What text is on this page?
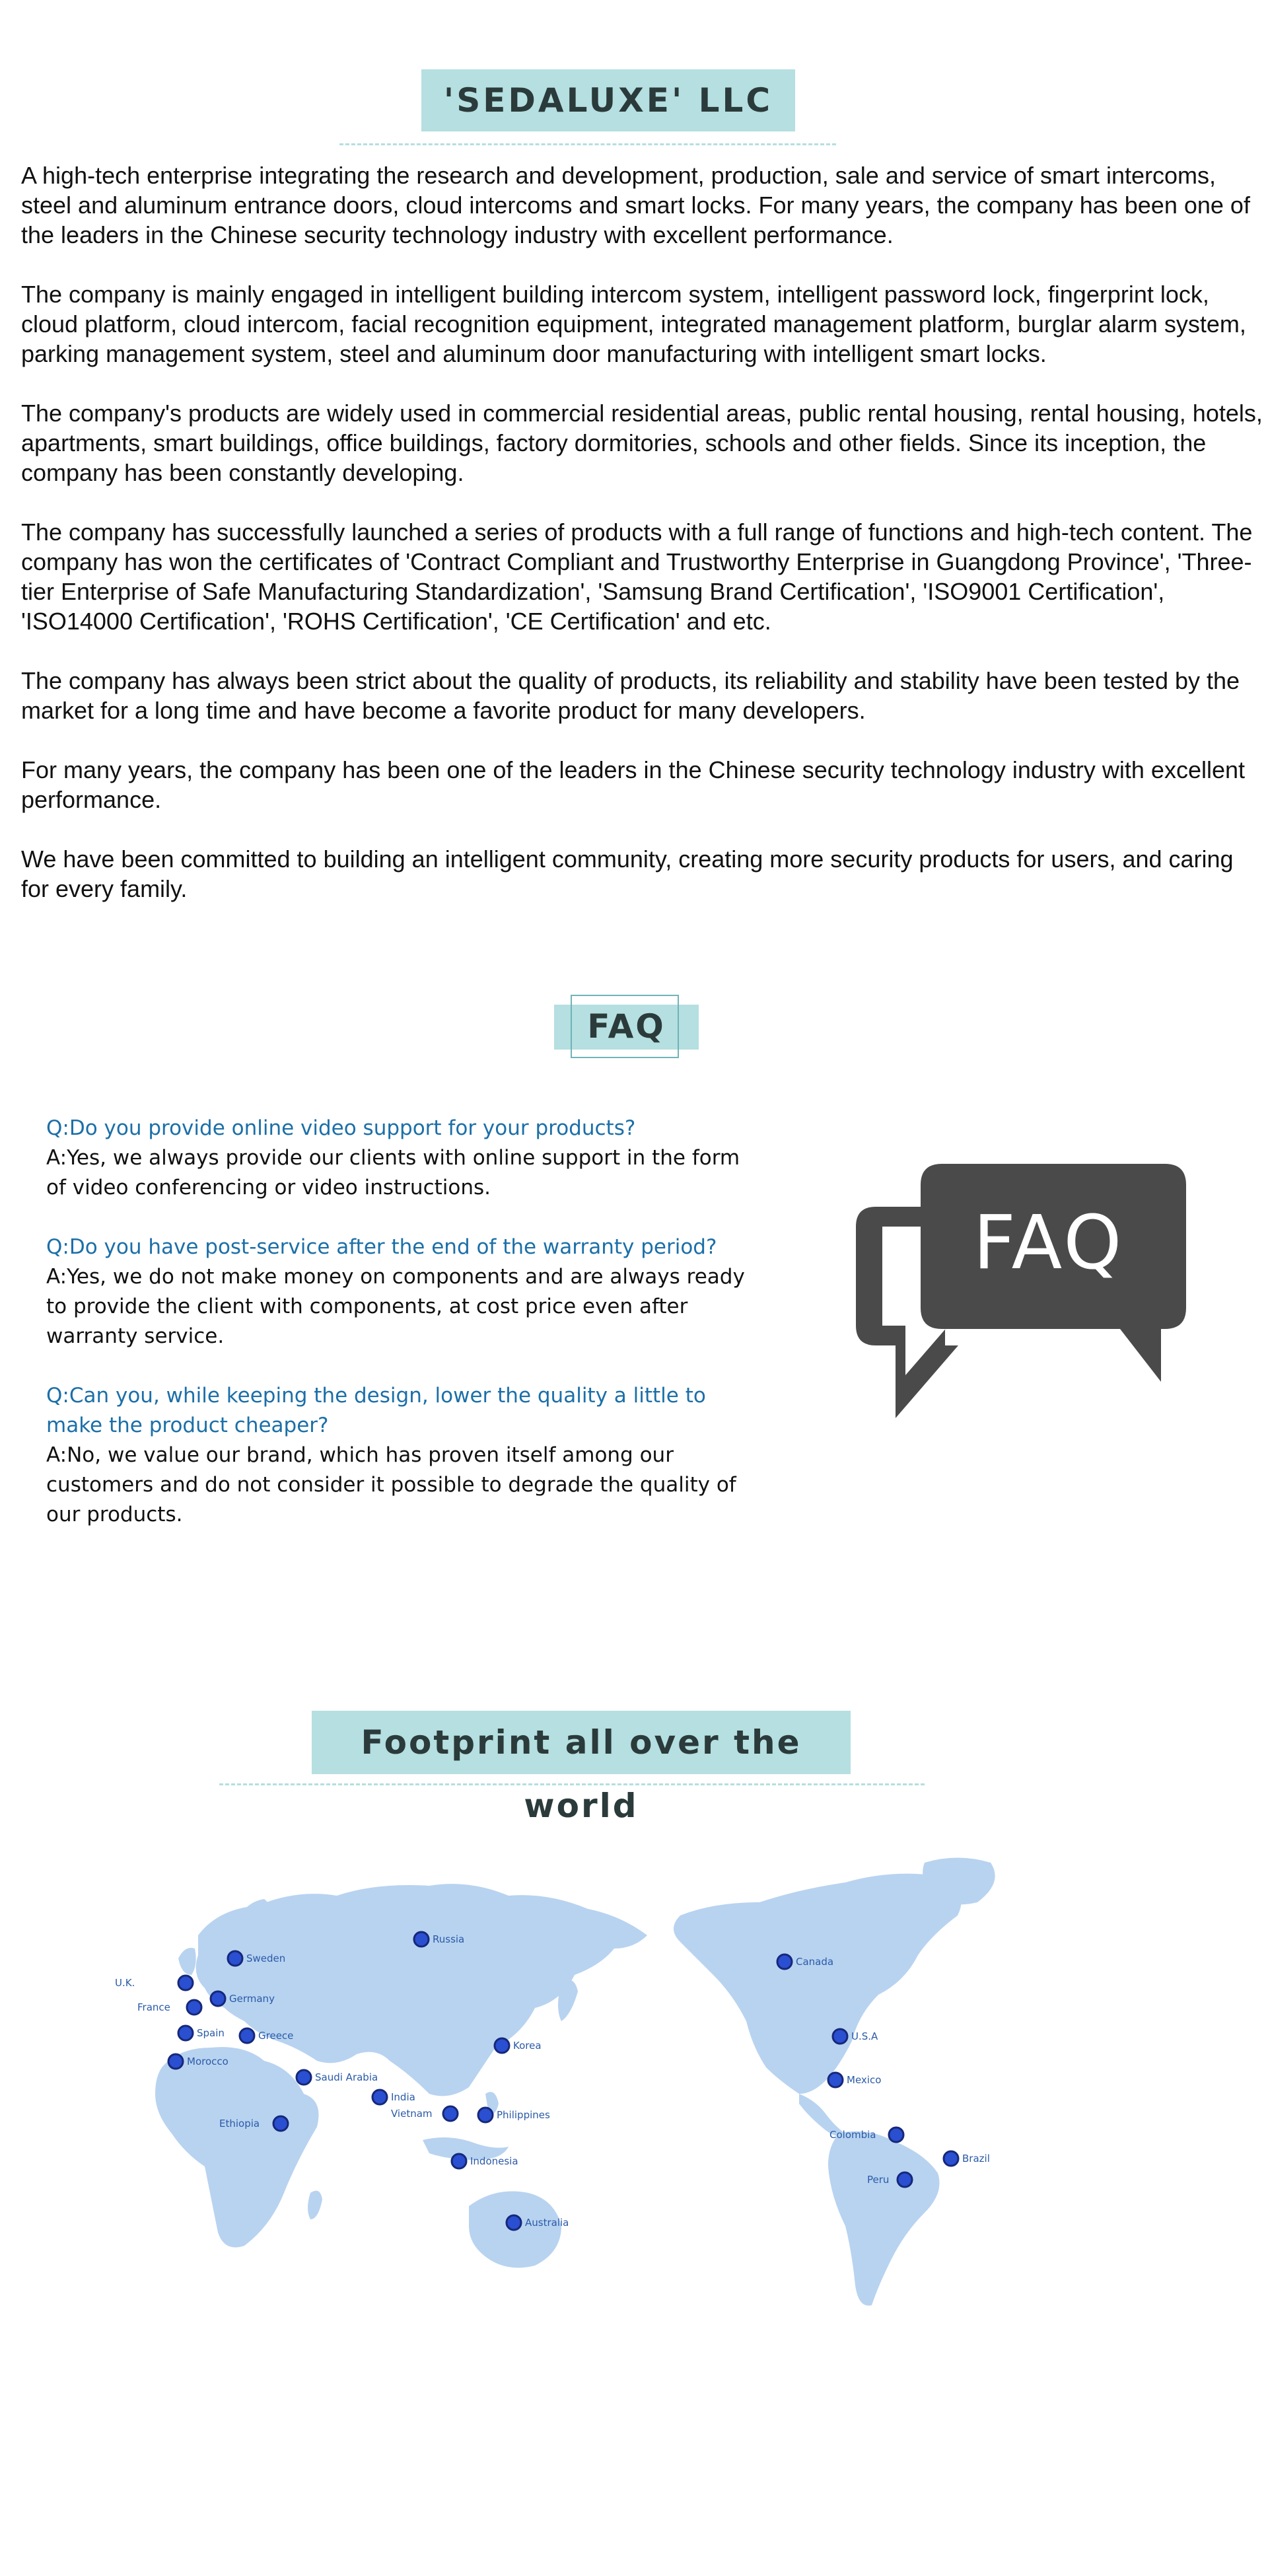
'SEDALUXE' LLC

A high-tech enterprise integrating the research and development, production, sale and service of smart intercoms, steel and aluminum entrance doors, cloud intercoms and smart locks. For many years, the company has been one of the leaders in the Chinese security technology industry with excellent performance.

The company is mainly engaged in intelligent building intercom system, intelligent password lock, fingerprint lock, cloud platform, cloud intercom, facial recognition equipment, integrated management platform, burglar alarm system, parking management system, steel and aluminum door manufacturing with intelligent smart locks.

The company's products are widely used in commercial residential areas, public rental housing, rental housing, hotels, apartments, smart buildings, office buildings, factory dormitories, schools and other fields. Since its inception, the company has been constantly developing.

The company has successfully launched a series of products with a full range of functions and high-tech content. The company has won the certificates of 'Contract Compliant and Trustworthy Enterprise in Guangdong Province', 'Three-tier Enterprise of Safe Manufacturing Standardization', 'Samsung Brand Certification', 'ISO9001 Certification', 'ISO14000 Certification', 'ROHS Certification', 'CE Certification' and etc.

The company has always been strict about the quality of products, its reliability and stability have been tested by the market for a long time and have become a favorite product for many developers.

For many years, the company has been one of the leaders in the Chinese security technology industry with excellent performance.

We have been committed to building an intelligent community, creating more security products for users, and caring for every family.

FAQ

Q:Do you provide online video support for your products?

A:Yes, we always provide our clients with online support in the form of video conferencing or video instructions.

Q:Do you have post-service after the end of the warranty period?

A:Yes, we do not make money on components and are always ready to provide the client with components, at cost price even after warranty service.

Q:Can you, while keeping the design, lower the quality a little to make the product cheaper?

A:No, we value our brand, which has proven itself among our customers and do not consider it possible to degrade the quality of our products.

FAQ
Footprint all over the world
Russia
Sweden
U.K.
Germany
France
Spain	Greece
Morocco
Korea
Saudi Arabia
India
Vietnam	Philippines
Ethiopia
Indonesia
Australia
Canada
U.S.A
Mexico
Colombia
Brazil
Peru
